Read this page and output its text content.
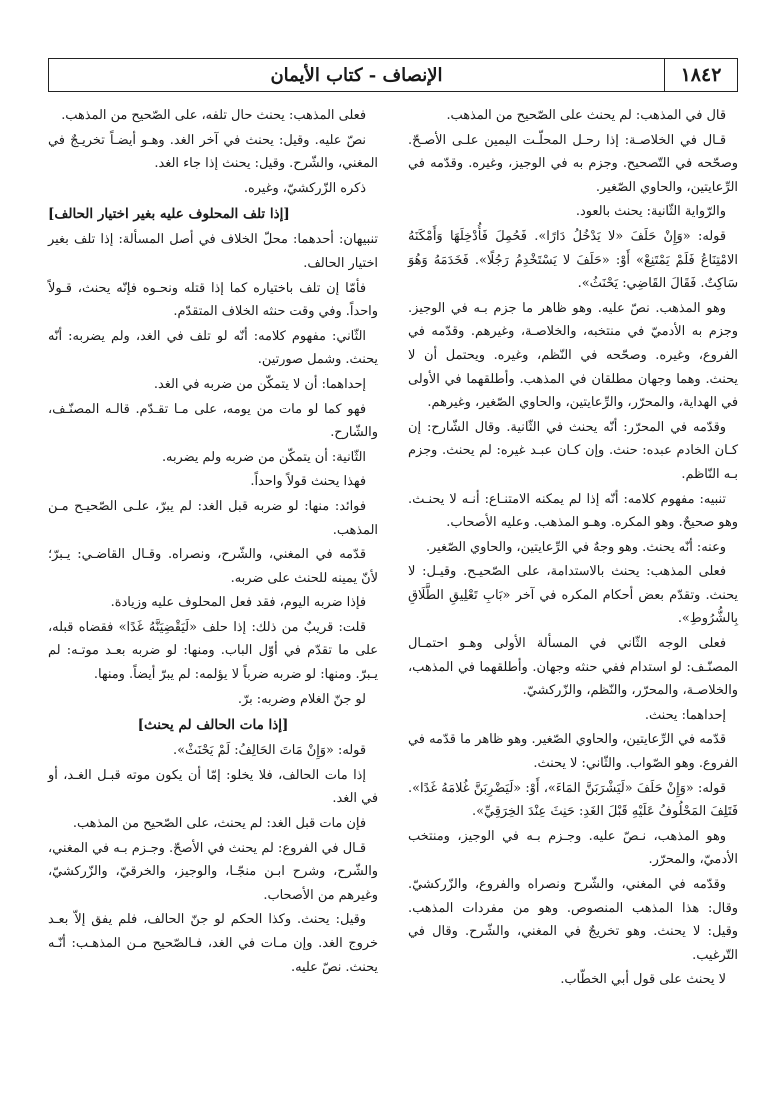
١٨٤٢
الإنصاف - كتاب الأيمان

قال في المذهب: لم يحنث على الصّحيح من المذهب.

قـال في الخلاصـة: إذا رحـل المحلّـت اليمين علـى الأصـحّ. وصحّحه في التّصحيح. وجزم به في الوجيز، وغيره. وقدّمه في الرِّعايتين، والحاوي الصّغير.

والرّواية الثّانية: يحنث بالعود.

قوله: «وَإِنْ حَلَفَ «لا يَدْخُلُ دَارًا». فَحُمِلَ فَأُدْخِلَهَا وَأَمْكَنَهُ الامْتِنَاعُ فَلَمْ يَمْتَنِعْ» أَوْ: «حَلَفَ لا يَسْتَخْدِمُ رَجُلًا». فَخَدَمَهُ وَهُوَ سَاكِتٌ. فَقَالَ القَاضِي: يَحْنَثُ».

وهو المذهب. نصّ عليه. وهو ظاهر ما جزم بـه في الوجيز. وجزم به الأدميّ في منتخبه، والخلاصـة، وغيرهم. وقدّمه في الفروع، وغيره. وصحّحه في النّظم، وغيره. ويحتمل أن لا يحنث. وهما وجهان مطلقان في المذهب. وأطلقهما في الأولى في الهداية، والمحرّر، والرِّعايتين، والحاوي الصّغير، وغيرهم.

وقدّمه في المحرّر: أنّه يحنث في الثّانية. وقال الشّارح: إن كـان الخادم عبده: حنث. وإن كـان عبـد غيره: لم يحنث. وجزم بـه النّاظم.

تنبيه: مفهوم كلامه: أنّه إذا لم يمكنه الامتنـاع: أنـه لا يحنـث. وهو صحيحٌ. وهو المكره. وهـو المذهب. وعليه الأصحاب.

وعنه: أنّه يحنث. وهو وجهٌ في الرِّعايتين، والحاوي الصّغير.

فعلى المذهب: يحنث بالاستدامة، على الصّحيـح. وقيـل: لا يحنث. وتقدّم بعض أحكام المكره في آخر «بَابِ تَعْلِيقِ الطَّلَاقِ بِالشُّرُوطِ».

فعلى الوجه الثّاني في المسألة الأولى وهـو احتمـال المصنّـف: لو استدام ففي حنثه وجهان. وأطلقهما في المذهب، والخلاصـة، والمحرّر، والنّظم، والزّركشيّ.

إحداهما: يحنث.

قدّمه في الرِّعايتين، والحاوي الصّغير. وهو ظاهر ما قدّمه في الفروع. وهو الصّواب. والثّاني: لا يحنث.

قوله: «وَإِنْ حَلَفَ «لَيَشْرَبَنَّ المَاءَ»، أَوْ: «لَيَضْرِبَنَّ غُلامَهُ غَدًا». فَتَلِفَ المَحْلُوفُ عَلَيْهِ قَبْلَ الغَدِ: حَنِثَ عِنْدَ الخِرَقِيِّ».

وهو المذهب، نـصّ عليه. وجـزم بـه في الوجيز، ومنتخب الأدميّ، والمحرّر.

وقدّمه في المغني، والشّرح ونصراه والفروع، والزّركشيّ. وقال: هذا المذهب المنصوص. وهو من مفردات المذهب. وقيل: لا يحنث. وهو تخريجٌ في المغني، والشّرح. وقال في التّرغيب.

لا يحنث على قول أبي الخطّاب.

فعلى المذهب: يحنث حال تلفه، على الصّحيح من المذهب.

نصّ عليه. وقيل: يحنث في آخر الغد. وهـو أيضـاً تخريـجٌ في المغني، والشّرح. وقيل: يحنث إذا جاء الغد.

ذكره الزّركشيّ، وغيره.

[إذا تلف المحلوف عليه بغير اختيار الحالف]

تنبيهان: أحدهما: محلّ الخلاف في أصل المسألة: إذا تلف بغير اختيار الحالف.

فأمّا إن تلف باختياره كما إذا قتله ونحـوه فإنّه يحنث، قـولاً واحداً. وفي وقت حنثه الخلاف المتقدّم.

الثّاني: مفهوم كلامه: أنّه لو تلف في الغد، ولم يضربه: أنّه يحنث. وشمل صورتين.

إحداهما: أن لا يتمكّن من ضربه في الغد.

فهو كما لو مات من يومه، على مـا تقـدّم. قالـه المصنّـف، والشّارح.

الثّانية: أن يتمكّن من ضربه ولم يضربه.

فهذا يحنث قولاً واحداً.

فوائد: منها: لو ضربه قبل الغد: لم يبرّ، علـى الصّحيـح مـن المذهب.

قدّمه في المغني، والشّرح، ونصراه. وقـال القاضـي: يـبرّ؛ لأنّ يمينه للحنث على ضربه.

فإذا ضربه اليوم، فقد فعل المحلوف عليه وزيادة.

قلت: قريبٌ من ذلك: إذا حلف «لَيَقْضِيَنَّهُ غَدًا» فقضاه قبله، على ما تقدّم في أوّل الباب. ومنها: لو ضربه بعـد موتـه: لم يـبرّ. ومنها: لو ضربه ضرباً لا يؤلمه: لم يبرّ أيضاً. ومنها.

لو جنّ الغلام وضربه: برّ.

[إذا مات الحالف لم يحنث]

قوله: «وَإِنْ مَاتَ الحَالِفُ: لَمْ يَحْنَثْ».

إذا مات الحالف، فلا يخلو: إمّا أن يكون موته قبـل الغـد، أو في الغد.

فإن مات قبل الغد: لم يحنث، على الصّحيح من المذهب.

قـال في الفروع: لم يحنث في الأصحّ. وجـزم بـه في المغني، والشّرح، وشرح ابـن منجّـا، والوجيز، والخرقيّ، والزّركشيّ، وغيرهم من الأصحاب.

وقيل: يحنث. وكذا الحكم لو جنّ الحالف، فلم يفق إلاّ بعـد خروج الغد. وإن مـات في الغد، فـالصّحيح مـن المذهـب: أنّـه يحنث. نصّ عليه.
